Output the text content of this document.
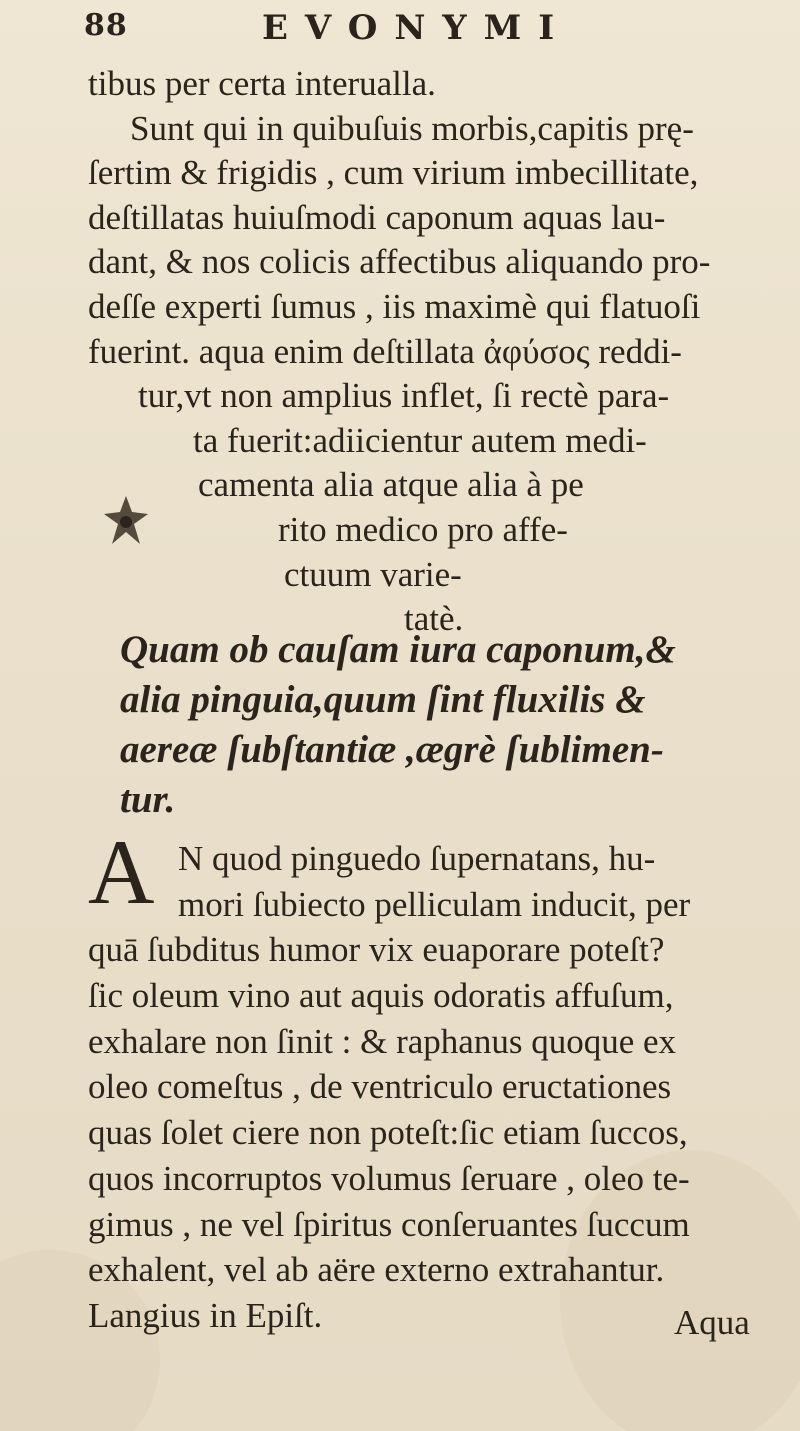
88	EVONYMI
tibus per certa interualla.
Sunt qui in quibuſuis morbis,capitis prę-
ſertim & frigidis , cum virium imbecillitate,
deſtillatas huiuſmodi caponum aquas lau-
dant, & nos colicis affectibus aliquando pro-
deſſe experti ſumus , iis maximè qui flatuoſi
fuerint. aqua enim deſtillata ἀφύσος reddi-
tur,vt non amplius inflet, ſi rectè para-
ta fuerit:adiicientur autem medi-
camenta alia atque alia à pe
rito medico pro affe-
ctuum varie-
tatè.
Quam ob cauſam iura caponum,&
alia pinguia,quum ſint fluxilis &
aereæ ſubſtantiæ ,ægrè ſublimen-
tur.
A N quod pinguedo ſupernatans, hu-
mori ſubiecto pelliculam inducit, per
quā ſubditus humor vix euaporare poteſt?
ſic oleum vino aut aquis odoratis affuſum,
exhalare non ſinit : & raphanus quoque ex
oleo comeſtus , de ventriculo eructationes
quas ſolet ciere non poteſt:ſic etiam ſuccos,
quos incorruptos volumus ſeruare , oleo te-
gimus , ne vel ſpiritus conſeruantes ſuccum
exhalent, vel ab aëre externo extrahantur.
Langius in Epiſt.	Aqua
